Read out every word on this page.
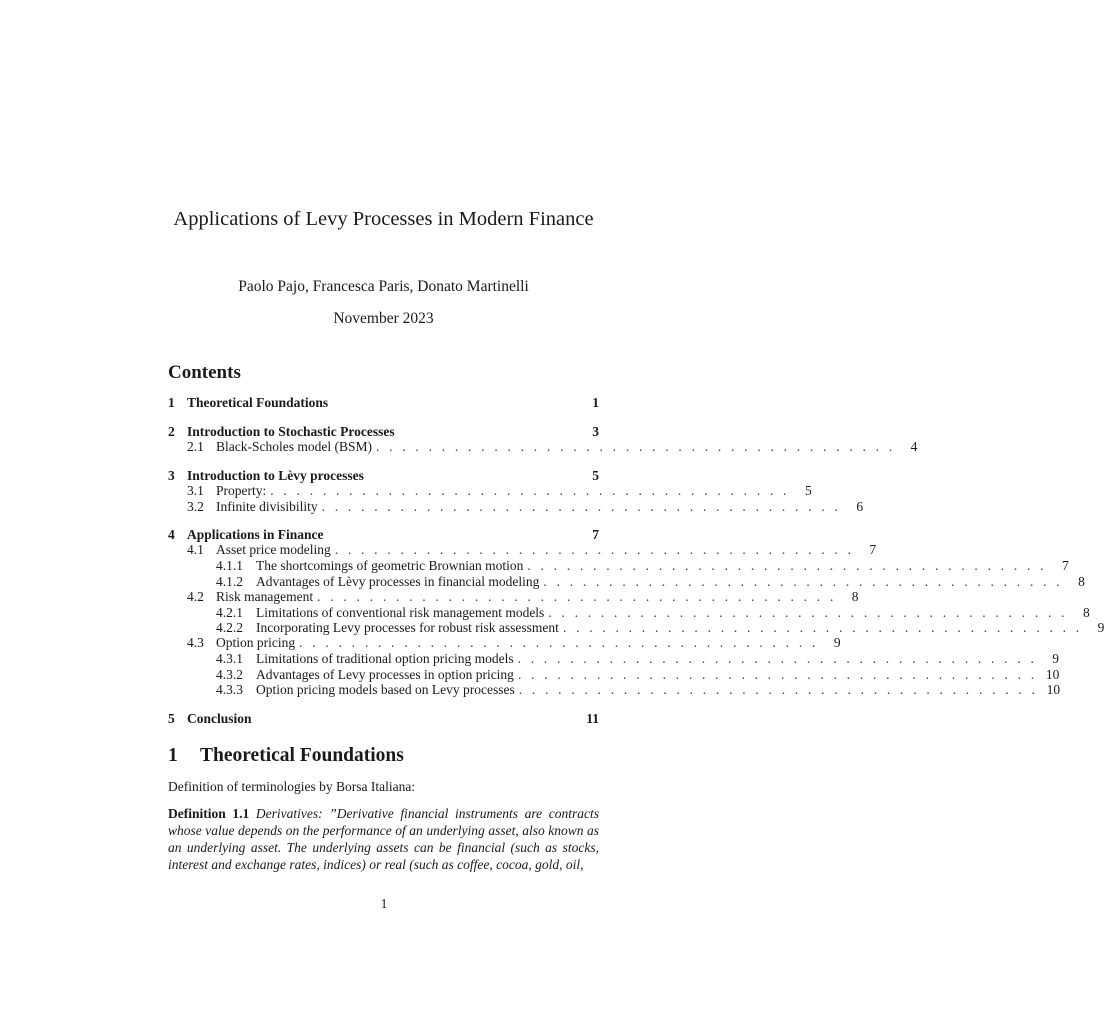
Applications of Levy Processes in Modern Finance
Paolo Pajo, Francesca Paris, Donato Martinelli
November 2023
Contents
1 Theoretical Foundations	1
2 Introduction to Stochastic Processes	3
2.1 Black-Scholes model (BSM) . . . . . . . . . . . . . . . . . . . . . . . . . . . . . . . . . . . . . . . .	4
3 Introduction to Lèvy processes	5
3.1 Property: . . . . . . . . . . . . . . . . . . . . . . . . . . . . . . . . . . . . . . . .	5
3.2 Infinite divisibility . . . . . . . . . . . . . . . . . . . . . . . . . . . . . . . . . . . . . . . .	6
4 Applications in Finance	7
4.1 Asset price modeling . . . . . . . . . . . . . . . . . . . . . . . . . . . . . . . . . . . . . . . .	7
4.1.1 The shortcomings of geometric Brownian motion . . . . . . . . . . . . . . . . . . . . . . . . . . . . . . . . . . . . . . . .	7
4.1.2 Advantages of Lèvy processes in financial modeling . . . . . . . . . . . . . . . . . . . . . . . . . . . . . . . . . . . . . . . .	8
4.2 Risk management . . . . . . . . . . . . . . . . . . . . . . . . . . . . . . . . . . . . . . . .	8
4.2.1 Limitations of conventional risk management models . . . . . . . . . . . . . . . . . . . . . . . . . . . . . . . . . . . . . . . .	8
4.2.2 Incorporating Levy processes for robust risk assessment . . . . . . . . . . . . . . . . . . . . . . . . . . . . . . . . . . . . . . . .	9
4.3 Option pricing . . . . . . . . . . . . . . . . . . . . . . . . . . . . . . . . . . . . . . . .	9
4.3.1 Limitations of traditional option pricing models . . . . . . . . . . . . . . . . . . . . . . . . . . . . . . . . . . . . . . . .	9
4.3.2 Advantages of Levy processes in option pricing . . . . . . . . . . . . . . . . . . . . . . . . . . . . . . . . . . . . . . . . 10
4.3.3 Option pricing models based on Levy processes . . . . . . . . . . . . . . . . . . . . . . . . . . . . . . . . . . . . . . . . 10
5 Conclusion	11
1 Theoretical Foundations
Definition of terminologies by Borsa Italiana:
Definition 1.1 Derivatives: ”Derivative financial instruments are contracts whose value depends on the performance of an underlying asset, also known as an underlying asset. The underlying assets can be financial (such as stocks, interest and exchange rates, indices) or real (such as coffee, cocoa, gold, oil,
1
